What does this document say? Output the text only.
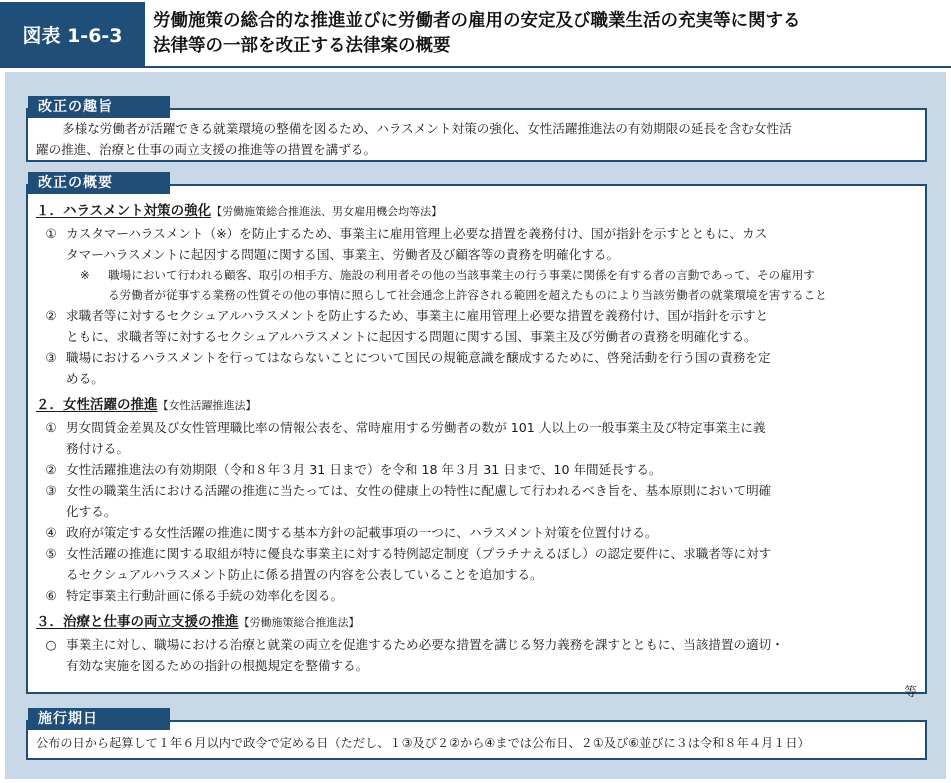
図表 1-6-3
労働施策の総合的な推進並びに労働者の雇用の安定及び職業生活の充実等に関する
法律等の一部を改正する法律案の概要
改正の趣旨
多様な労働者が活躍できる就業環境の整備を図るため、ハラスメント対策の強化、女性活躍推進法の有効期限の延長を含む女性活
躍の推進、治療と仕事の両立支援の推進等の措置を講ずる。
改正の概要
１．ハラスメント対策の強化【労働施策総合推進法、男女雇用機会均等法】
① カスタマーハラスメント（※）を防止するため、事業主に雇用管理上必要な措置を義務付け、国が指針を示すとともに、カス
タマーハラスメントに起因する問題に関する国、事業主、労働者及び顧客等の責務を明確化する。
※	職場において行われる顧客、取引の相手方、施設の利用者その他の当該事業主の行う事業に関係を有する者の言動であって、その雇用す
る労働者が従事する業務の性質その他の事情に照らして社会通念上許容される範囲を超えたものにより当該労働者の就業環境を害すること
② 求職者等に対するセクシュアルハラスメントを防止するため、事業主に雇用管理上必要な措置を義務付け、国が指針を示すと
ともに、求職者等に対するセクシュアルハラスメントに起因する問題に関する国、事業主及び労働者の責務を明確化する。
③ 職場におけるハラスメントを行ってはならないことについて国民の規範意識を醸成するために、啓発活動を行う国の責務を定
める。
２．女性活躍の推進【女性活躍推進法】
① 男女間賃金差異及び女性管理職比率の情報公表を、常時雇用する労働者の数が 101 人以上の一般事業主及び特定事業主に義
務付ける。
② 女性活躍推進法の有効期限（令和８年３月 31 日まで）を令和 18 年３月 31 日まで、10 年間延長する。
③ 女性の職業生活における活躍の推進に当たっては、女性の健康上の特性に配慮して行われるべき旨を、基本原則において明確
化する。
④ 政府が策定する女性活躍の推進に関する基本方針の記載事項の一つに、ハラスメント対策を位置付ける。
⑤ 女性活躍の推進に関する取組が特に優良な事業主に対する特例認定制度（プラチナえるぼし）の認定要件に、求職者等に対す
るセクシュアルハラスメント防止に係る措置の内容を公表していることを追加する。
⑥ 特定事業主行動計画に係る手続の効率化を図る。
３．治療と仕事の両立支援の推進【労働施策総合推進法】
○ 事業主に対し、職場における治療と就業の両立を促進するため必要な措置を講じる努力義務を課すとともに、当該措置の適切・
有効な実施を図るための指針の根拠規定を整備する。
等
施行期日
公布の日から起算して１年６月以内で政令で定める日（ただし、１③及び２②から④までは公布日、２①及び⑥並びに３は令和８年４月１日）
